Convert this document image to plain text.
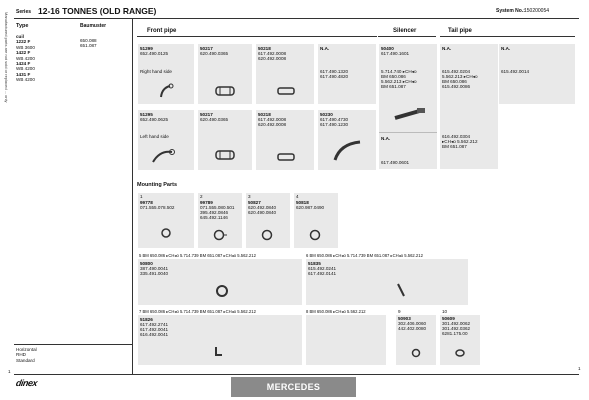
Manufactured parts are not sold or replaced ... only Series 12-16 TONNES (OLD RANGE)	System No.: 150200054
Type	Baumuster
cuil
1222 F
WB 3600
1422 F
WB 4200
1424 F
WB 4200
1431 F
WB 4200
650.088
651.087
Horizontal
RHD
Standard
Front pipe	Silencer	Tail pipe
51299
652.490.0125
Right hand side
50217
620.490.0365
50218
617.492.0008
620.492.0008
N.A.
617.490.1320
617.490.4820
51295
652.490.0625
Left hand side
50217
620.490.0365
50218
617.492.0008
620.492.0008
50230
617.490.4730
617.490.1230
50400
617.490.1601
5.714.740 ▸CH◂o
BM 650.086
5.562.213 ▸CH◂o
BM 651.087
N.A.
617.490.0601
N.A.
615.492.0204
5.562.213 ▸CH◂o
BM 650.086
615.492.0086
616.492.0304
▸CH◂o 5.562.212
BM 651.087
N.A.
615.492.0014
Mounting Parts
1
99778
071.555.078.502
2
99789
071.555.080.501
395.492.0846
645.492.1146
3
50827
620.492.0840
620.490.0840
4
50818
620.987.0490
5 BM 650.086 ▸CH◂o 5.714.739 BM 651.087 ▸CH◂o 5.562.212	6 BM 650.086 ▸CH◂o 5.714.739 BM 651.087 ▸CH◂o 5.562.212
50800
387.490.0041
335.491.0040
51835
615.492.0241
617.492.0141
7 BM 650.086 ▸CH◂o 5.714.739 BM 651.087 ▸CH◂o 5.562.212	8 BM 650.086 ▸CH◂o 5.562.212
51826
617.492.2741
617.492.0041
616.492.0041
9
50903
302.406.0060
442.402.0080
10
50609
301.492.0062
301.492.0362
6281.175.00
1
1
dinex	MERCEDES
